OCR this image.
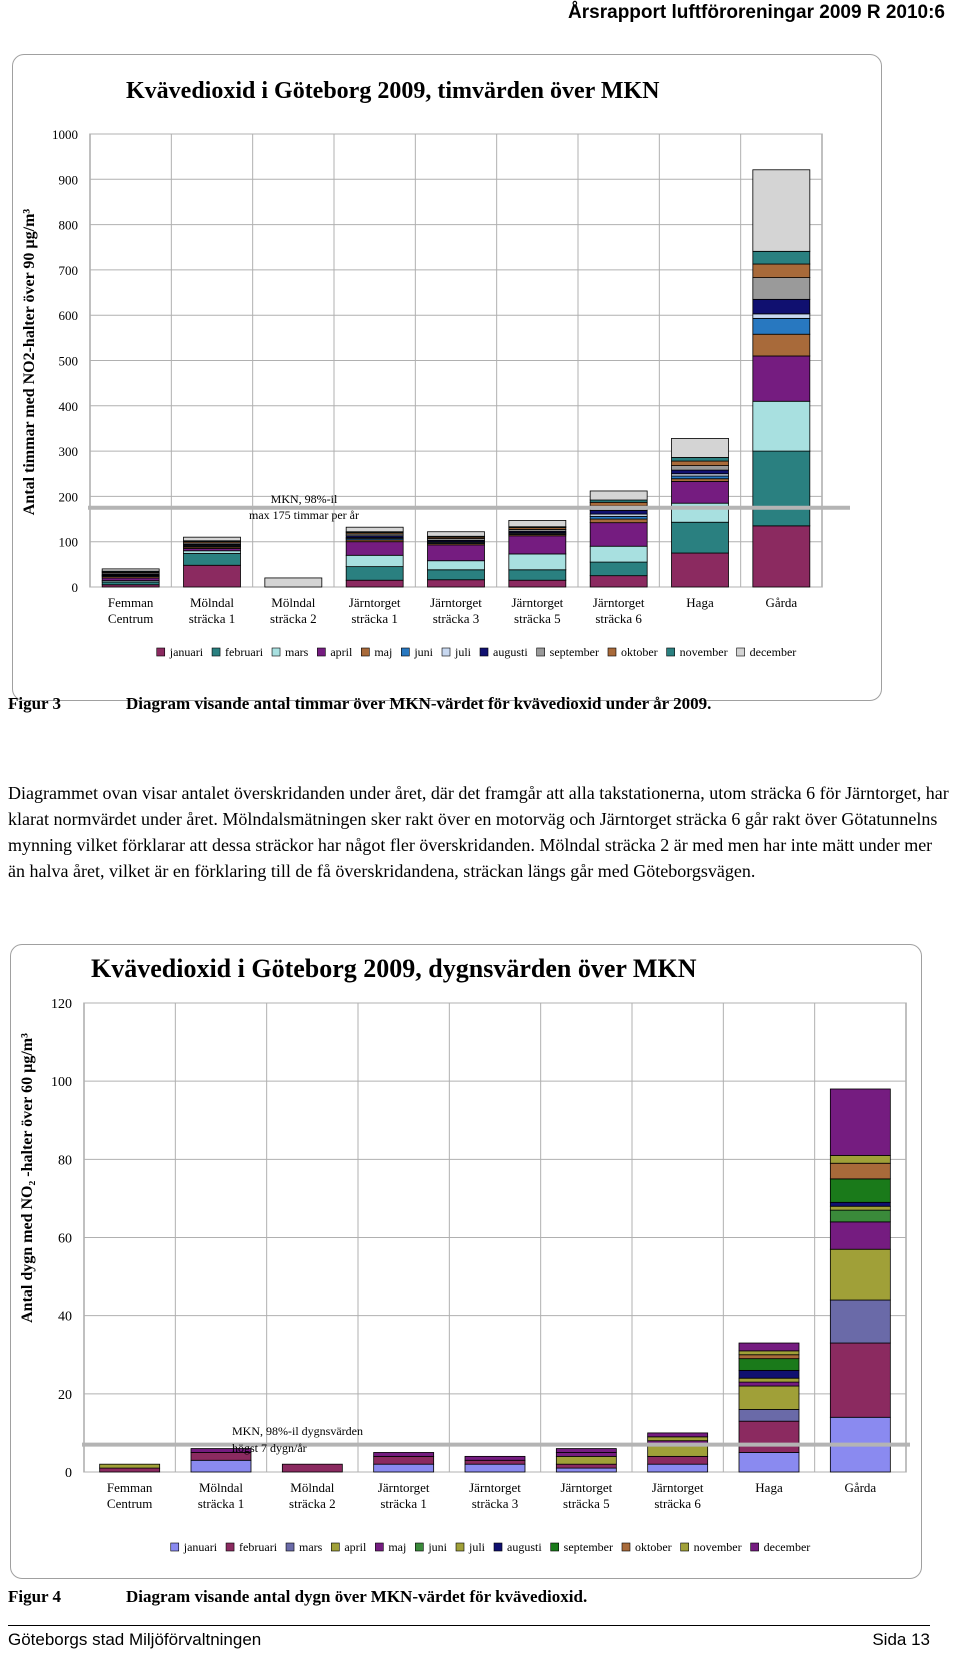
Årsrapport luftföroreningar 2009 R 2010:6
0
100
200
300
400
500
600
700
800
900
1000
MKN, 98%-il
max 175 timmar per år
Femman
Centrum
Mölndal
sträcka 1
Mölndal
sträcka 2
Järntorget
sträcka 1
Järntorget
sträcka 3
Järntorget
sträcka 5
Järntorget
sträcka 6
Haga	Gårda
Kvävedioxid i Göteborg 2009, timvärden över MKN
Antal timmar med NO2-halter över 90 µg/m³
januari februari mars april maj juni juli augusti september oktober november december
Figur 3	Diagram visande antal timmar över MKN-värdet för kvävedioxid under år 2009.
Diagrammet ovan visar antalet överskridanden under året, där det framgår att alla takstationerna, utom sträcka 6 för Järntorget, har klarat normvärdet under året. Mölndalsmätningen sker rakt över en motorväg och Järntorget sträcka 6 går rakt över Götatunnelns mynning vilket förklarar att dessa sträckor har något fler överskridanden. Mölndal sträcka 2 är med men har inte mätt under mer än halva året, vilket är en förklaring till de få överskridandena, sträckan längs går med Göteborgsvägen.
0
20
40
60
80
100
120
MKN, 98%-il dygnsvärden
högst 7 dygn/år
Femman
Centrum
Mölndal
sträcka 1
Mölndal
sträcka 2
Järntorget
sträcka 1
Järntorget
sträcka 3
Järntorget
sträcka 5
Järntorget
sträcka 6
Haga	Gårda
Kvävedioxid i Göteborg 2009, dygnsvärden över MKN
Antal dygn med NO₂ -halter över 60 µg/m³
januari februari mars april maj juni juli augusti september oktober november december
Figur 4	Diagram visande antal dygn över MKN-värdet för kvävedioxid.
Göteborgs stad Miljöförvaltningen	Sida 13
